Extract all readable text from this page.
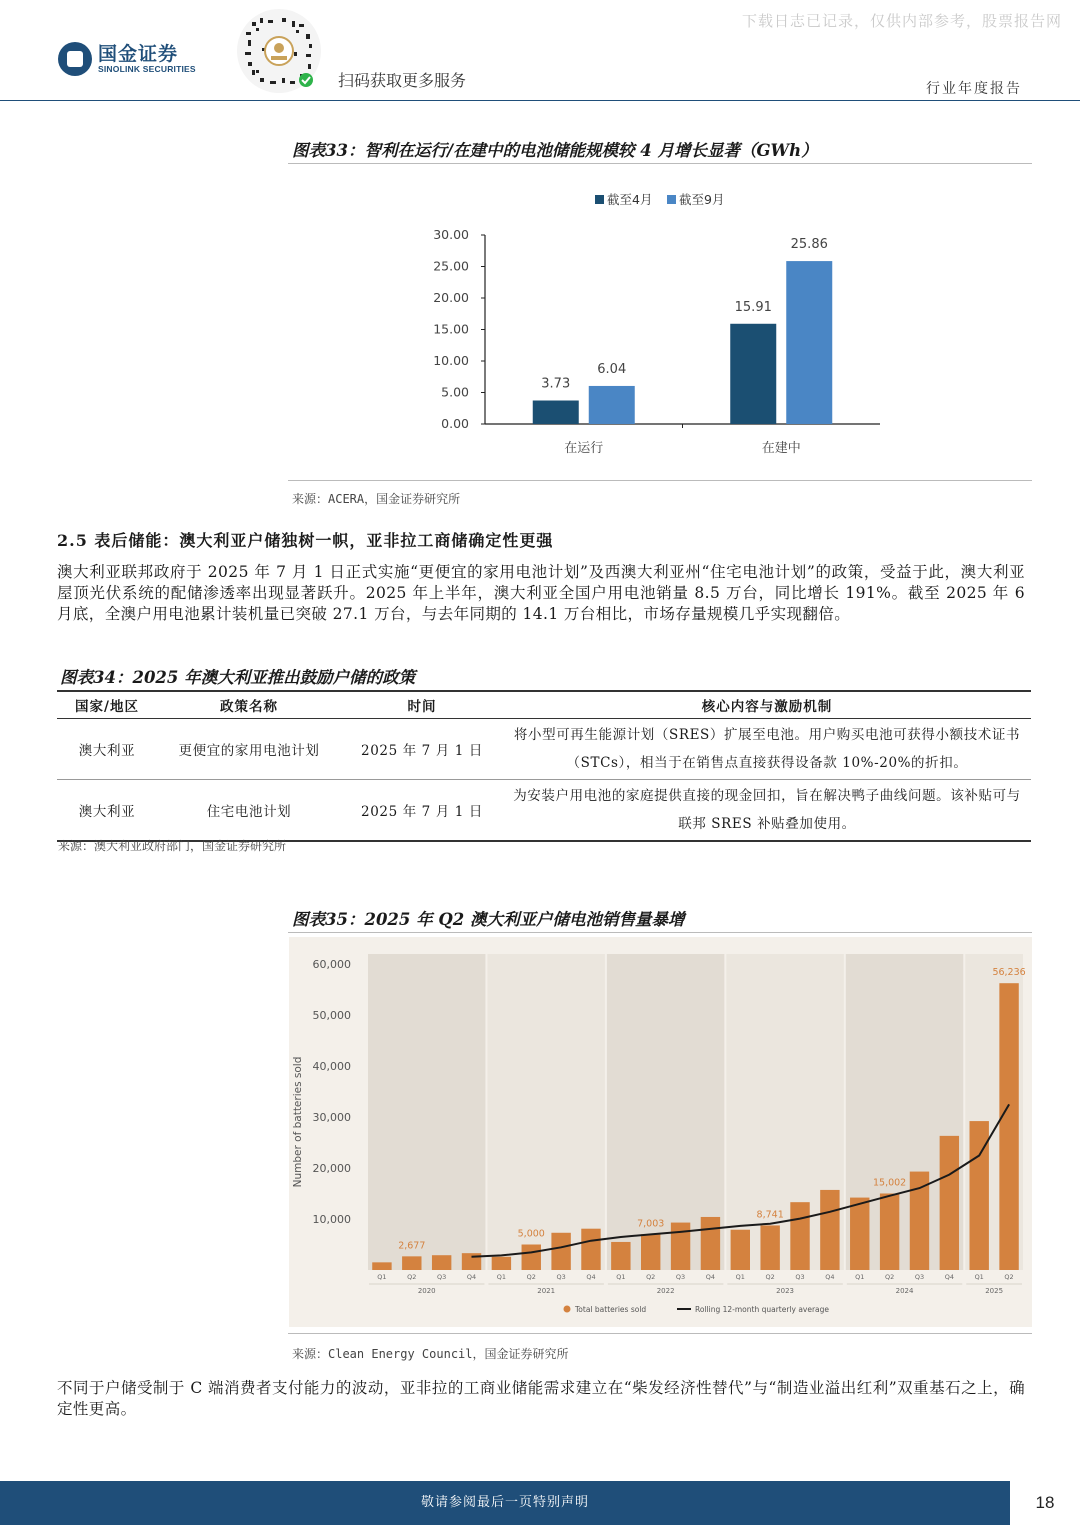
国金证券
SINOLINK SECURITIES
扫码获取更多服务
下载日志已记录，仅供内部参考，股票报告网
行业年度报告
图表33：智利在运行/在建中的电池储能规模较 4 月增长显著（GWh）
截至4月 截至9月
0.00
5.00
10.00
15.00
20.00
25.00
30.00
在运行	在建中
3.73
6.04
15.91
25.86
来源：ACERA，国金证券研究所
2.5 表后储能：澳大利亚户储独树一帜，亚非拉工商储确定性更强
澳大利亚联邦政府于 2025 年 7 月 1 日正式实施“更便宜的家用电池计划”及西澳大利亚州“住宅电池计划”的政策，受益于此，澳大利亚屋顶光伏系统的配储渗透率出现显著跃升。2025 年上半年，澳大利亚全国户用电池销量 8.5 万台，同比增长 191%。截至 2025 年 6 月底，全澳户用电池累计装机量已突破 27.1 万台，与去年同期的 14.1 万台相比，市场存量规模几乎实现翻倍。
图表34：2025 年澳大利亚推出鼓励户储的政策
国家/地区	政策名称	时间	核心内容与激励机制
澳大利亚	更便宜的家用电池计划	2025 年 7 月 1 日	将小型可再生能源计划（SRES）扩展至电池。用户购买电池可获得小额技术证书（STCs），相当于在销售点直接获得设备款 10%-20%的折扣。
澳大利亚	住宅电池计划	2025 年 7 月 1 日	为安装户用电池的家庭提供直接的现金回扣，旨在解决鸭子曲线问题。该补贴可与联邦 SRES 补贴叠加使用。
来源：澳大利亚政府部门，国金证券研究所
图表35：2025 年 Q2 澳大利亚户储电池销售量暴增
2020	2021	2022	2023	2024	2025
10,000
20,000
30,000
40,000
50,000
60,000
Number of batteries sold
Q1	Q2	Q3	Q4	Q1	Q2	Q3	Q4	Q1	Q2	Q3	Q4	Q1	Q2	Q3	Q4	Q1	Q2	Q3	Q4	Q1	Q2
2,677
5,000
7,003
8,741
15,002
56,236
Total batteries sold	Rolling 12-month quarterly average
来源：Clean Energy Council，国金证券研究所
不同于户储受制于 C 端消费者支付能力的波动，亚非拉的工商业储能需求建立在“柴发经济性替代”与“制造业溢出红利”双重基石之上，确定性更高。
敬请参阅最后一页特别声明	18
